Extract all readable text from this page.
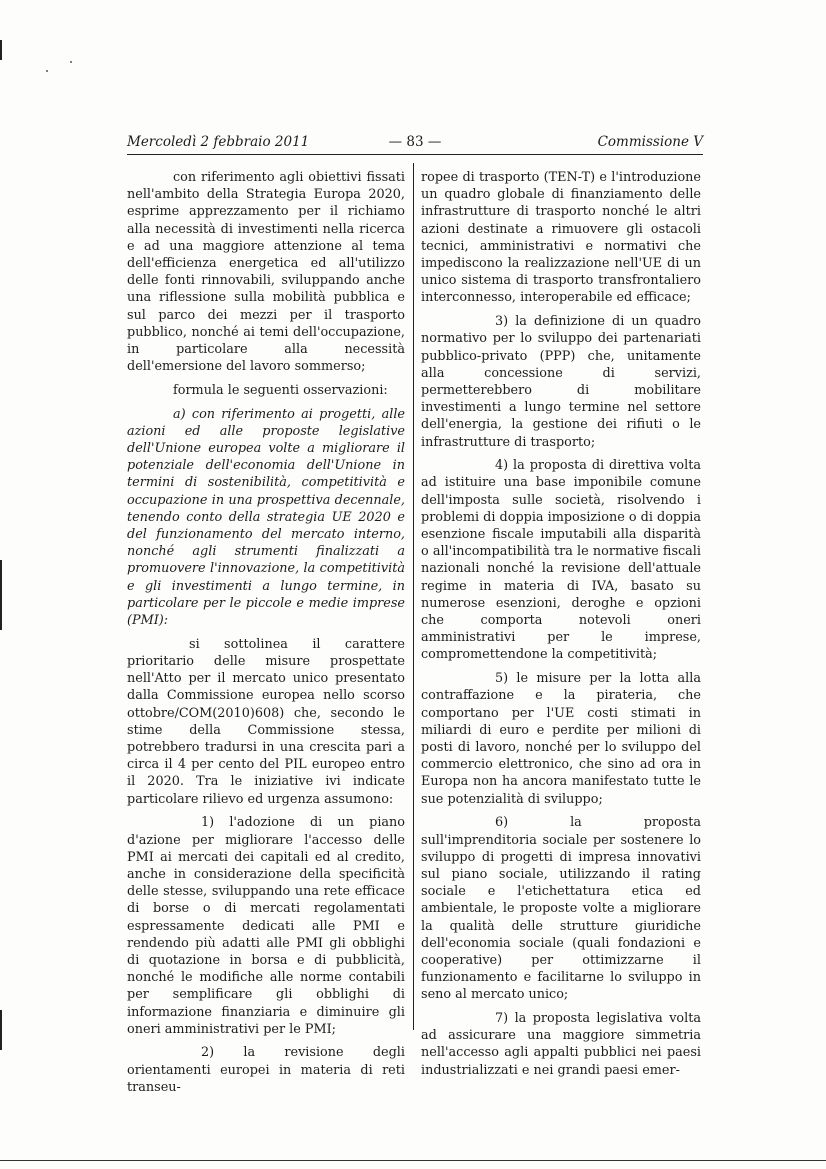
Mercoledì 2 febbraio 2011	— 83 —	Commissione V

con riferimento agli obiettivi fissati nell'ambito della Strategia Europa 2020, esprime apprezzamento per il richiamo alla necessità di investimenti nella ricerca e ad una maggiore attenzione al tema dell'efficienza energetica ed all'utilizzo delle fonti rinnovabili, sviluppando anche una riflessione sulla mobilità pubblica e sul parco dei mezzi per il trasporto pubblico, nonché ai temi dell'occupazione, in particolare alla necessità dell'emersione del lavoro sommerso;

formula le seguenti osservazioni:

a) con riferimento ai progetti, alle azioni ed alle proposte legislative dell'Unione europea volte a migliorare il potenziale dell'economia dell'Unione in termini di sostenibilità, competitività e occupazione in una prospettiva decennale, tenendo conto della strategia UE 2020 e del funzionamento del mercato interno, nonché agli strumenti finalizzati a promuovere l'innovazione, la competitività e gli investimenti a lungo termine, in particolare per le piccole e medie imprese (PMI):

si sottolinea il carattere prioritario delle misure prospettate nell'Atto per il mercato unico presentato dalla Commissione europea nello scorso ottobre/COM(2010)608) che, secondo le stime della Commissione stessa, potrebbero tradursi in una crescita pari a circa il 4 per cento del PIL europeo entro il 2020. Tra le iniziative ivi indicate particolare rilievo ed urgenza assumono:

1) l'adozione di un piano d'azione per migliorare l'accesso delle PMI ai mercati dei capitali ed al credito, anche in considerazione della specificità delle stesse, sviluppando una rete efficace di borse o di mercati regolamentati espressamente dedicati alle PMI e rendendo più adatti alle PMI gli obblighi di quotazione in borsa e di pubblicità, nonché le modifiche alle norme contabili per semplificare gli obblighi di informazione finanziaria e diminuire gli oneri amministrativi per le PMI;

2) la revisione degli orientamenti europei in materia di reti transeu-

ropee di trasporto (TEN-T) e l'introduzione un quadro globale di finanziamento delle infrastrutture di trasporto nonché le altri azioni destinate a rimuovere gli ostacoli tecnici, amministrativi e normativi che impediscono la realizzazione nell'UE di un unico sistema di trasporto transfrontaliero interconnesso, interoperabile ed efficace;

3) la definizione di un quadro normativo per lo sviluppo dei partenariati pubblico-privato (PPP) che, unitamente alla concessione di servizi, permetterebbero di mobilitare investimenti a lungo termine nel settore dell'energia, la gestione dei rifiuti o le infrastrutture di trasporto;

4) la proposta di direttiva volta ad istituire una base imponibile comune dell'imposta sulle società, risolvendo i problemi di doppia imposizione o di doppia esenzione fiscale imputabili alla disparità o all'incompatibilità tra le normative fiscali nazionali nonché la revisione dell'attuale regime in materia di IVA, basato su numerose esenzioni, deroghe e opzioni che comporta notevoli oneri amministrativi per le imprese, compromettendone la competitività;

5) le misure per la lotta alla contraffazione e la pirateria, che comportano per l'UE costi stimati in miliardi di euro e perdite per milioni di posti di lavoro, nonché per lo sviluppo del commercio elettronico, che sino ad ora in Europa non ha ancora manifestato tutte le sue potenzialità di sviluppo;

6) la proposta sull'imprenditoria sociale per sostenere lo sviluppo di progetti di impresa innovativi sul piano sociale, utilizzando il rating sociale e l'etichettatura etica ed ambientale, le proposte volte a migliorare la qualità delle strutture giuridiche dell'economia sociale (quali fondazioni e cooperative) per ottimizzarne il funzionamento e facilitarne lo sviluppo in seno al mercato unico;

7) la proposta legislativa volta ad assicurare una maggiore simmetria nell'accesso agli appalti pubblici nei paesi industrializzati e nei grandi paesi emer-
